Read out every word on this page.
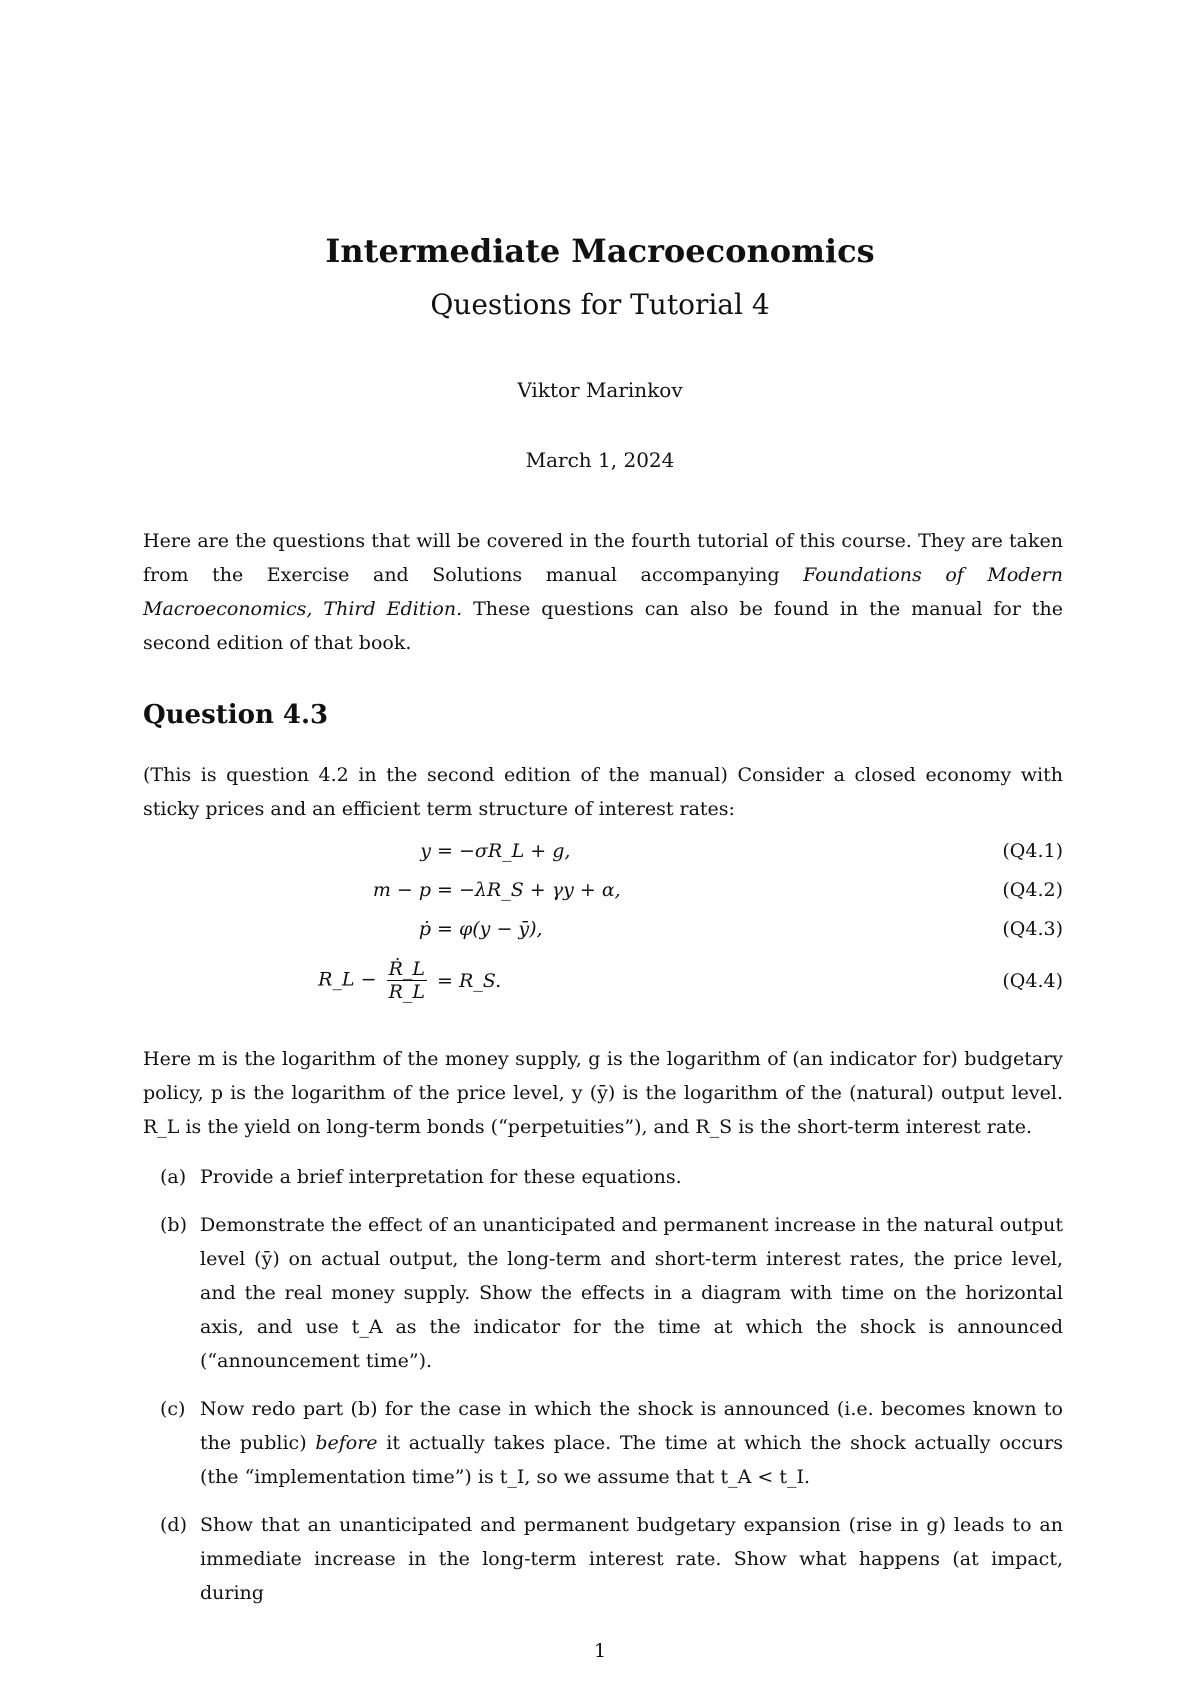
Intermediate Macroeconomics
Questions for Tutorial 4
Viktor Marinkov
March 1, 2024
Here are the questions that will be covered in the fourth tutorial of this course. They are taken from the Exercise and Solutions manual accompanying Foundations of Modern Macroeconomics, Third Edition. These questions can also be found in the manual for the second edition of that book.
Question 4.3
(This is question 4.2 in the second edition of the manual) Consider a closed economy with sticky prices and an efficient term structure of interest rates:
y = −σR_L + g,	(Q4.1)
m − p = −λR_S + γy + α,	(Q4.2)
ṗ = φ(y − ȳ),	(Q4.3)
R_L − $\frac{\text{Ṙ\_L}}{R\_L}$ = R_S.	(Q4.4)
Here m is the logarithm of the money supply, g is the logarithm of (an indicator for) budgetary policy, p is the logarithm of the price level, y (ȳ) is the logarithm of the (natural) output level. R_L is the yield on long-term bonds (“perpetuities”), and R_S is the short-term interest rate.
(a) Provide a brief interpretation for these equations.
(b) Demonstrate the effect of an unanticipated and permanent increase in the natural output level (ȳ) on actual output, the long-term and short-term interest rates, the price level, and the real money supply. Show the effects in a diagram with time on the horizontal axis, and use t_A as the indicator for the time at which the shock is announced (“announcement time”).
(c) Now redo part (b) for the case in which the shock is announced (i.e. becomes known to the public) before it actually takes place. The time at which the shock actually occurs (the “implementation time”) is t_I, so we assume that t_A < t_I.
(d) Show that an unanticipated and permanent budgetary expansion (rise in g) leads to an immediate increase in the long-term interest rate. Show what happens (at impact, during
1
